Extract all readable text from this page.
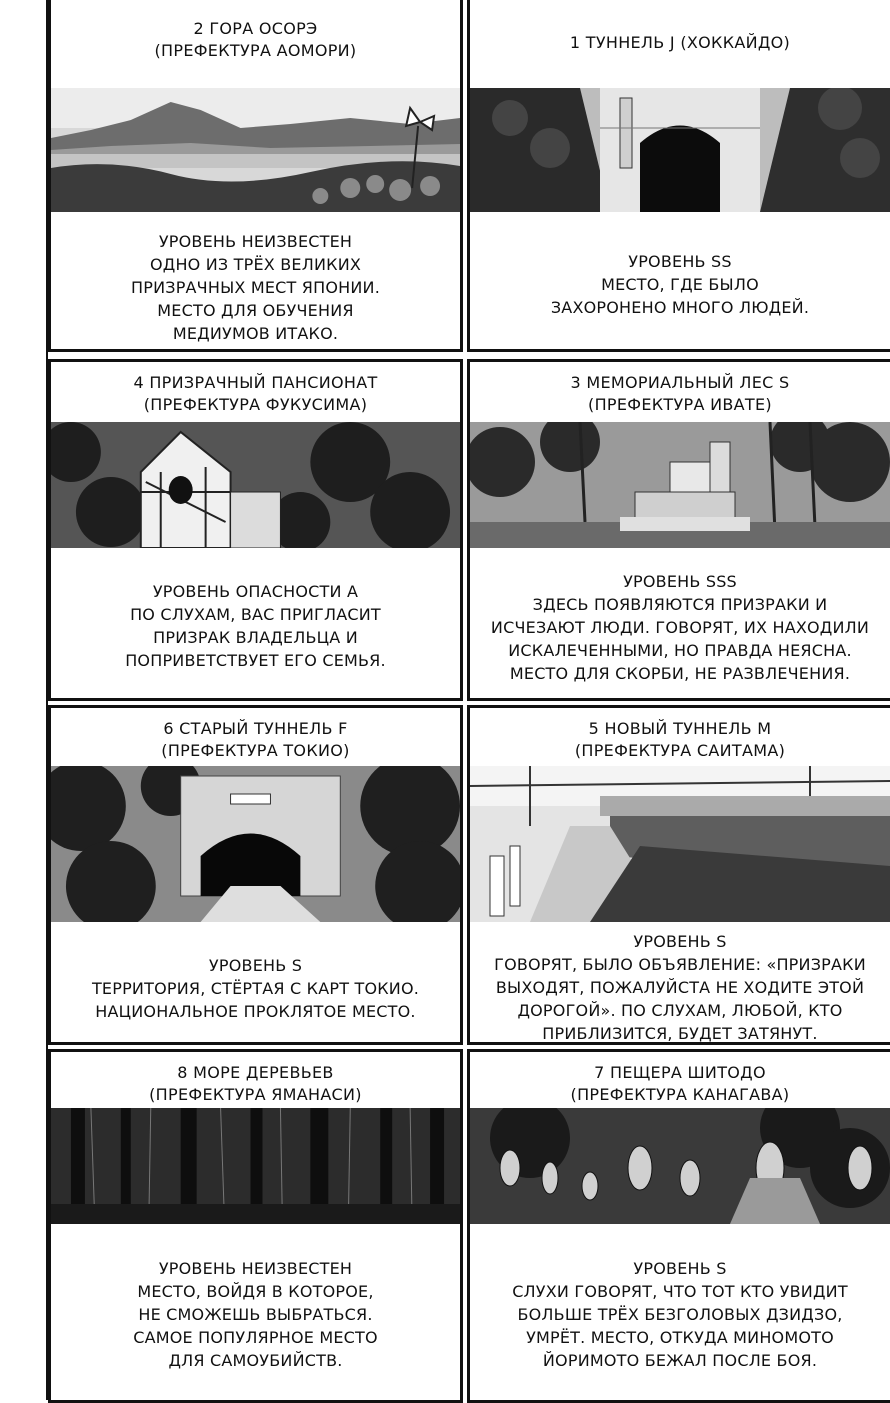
2 ГОРА ОСОРЭ
(ПРЕФЕКТУРА АОМОРИ)
УРОВЕНЬ НЕИЗВЕСТЕН
ОДНО ИЗ ТРЁХ ВЕЛИКИХ
ПРИЗРАЧНЫХ МЕСТ ЯПОНИИ.
МЕСТО ДЛЯ ОБУЧЕНИЯ
МЕДИУМОВ ИТАКО.
1 ТУННЕЛЬ J (ХОККАЙДО)
УРОВЕНЬ SS
МЕСТО, ГДЕ БЫЛО
ЗАХОРОНЕНО МНОГО ЛЮДЕЙ.
4 ПРИЗРАЧНЫЙ ПАНСИОНАТ
(ПРЕФЕКТУРА ФУКУСИМА)
УРОВЕНЬ ОПАСНОСТИ А
ПО СЛУХАМ, ВАС ПРИГЛАСИТ
ПРИЗРАК ВЛАДЕЛЬЦА И
ПОПРИВЕТСТВУЕТ ЕГО СЕМЬЯ.
3 МЕМОРИАЛЬНЫЙ ЛЕС S
(ПРЕФЕКТУРА ИВАТЕ)
УРОВЕНЬ SSS
ЗДЕСЬ ПОЯВЛЯЮТСЯ ПРИЗРАКИ И
ИСЧЕЗАЮТ ЛЮДИ. ГОВОРЯТ, ИХ НАХОДИЛИ
ИСКАЛЕЧЕННЫМИ, НО ПРАВДА НЕЯСНА.
МЕСТО ДЛЯ СКОРБИ, НЕ РАЗВЛЕЧЕНИЯ.
6 СТАРЫЙ ТУННЕЛЬ F
(ПРЕФЕКТУРА ТОКИО)
УРОВЕНЬ S
ТЕРРИТОРИЯ, СТЁРТАЯ С КАРТ ТОКИО.
НАЦИОНАЛЬНОЕ ПРОКЛЯТОЕ МЕСТО.
5 НОВЫЙ ТУННЕЛЬ М
(ПРЕФЕКТУРА САИТАМА)
УРОВЕНЬ S
ГОВОРЯТ, БЫЛО ОБЪЯВЛЕНИЕ: «ПРИЗРАКИ
ВЫХОДЯТ, ПОЖАЛУЙСТА НЕ ХОДИТЕ ЭТОЙ
ДОРОГОЙ». ПО СЛУХАМ, ЛЮБОЙ, КТО
ПРИБЛИЗИТСЯ, БУДЕТ ЗАТЯНУТ.
8 МОРЕ ДЕРЕВЬЕВ
(ПРЕФЕКТУРА ЯМАНАСИ)
УРОВЕНЬ НЕИЗВЕСТЕН
МЕСТО, ВОЙДЯ В КОТОРОЕ,
НЕ СМОЖЕШЬ ВЫБРАТЬСЯ.
САМОЕ ПОПУЛЯРНОЕ МЕСТО
ДЛЯ САМОУБИЙСТВ.
7 ПЕЩЕРА ШИТОДО
(ПРЕФЕКТУРА КАНАГАВА)
УРОВЕНЬ S
СЛУХИ ГОВОРЯТ, ЧТО ТОТ КТО УВИДИТ
БОЛЬШЕ ТРЁХ БЕЗГОЛОВЫХ ДЗИДЗО,
УМРЁТ. МЕСТО, ОТКУДА МИНОМОТО
ЙОРИМОТО БЕЖАЛ ПОСЛЕ БОЯ.
